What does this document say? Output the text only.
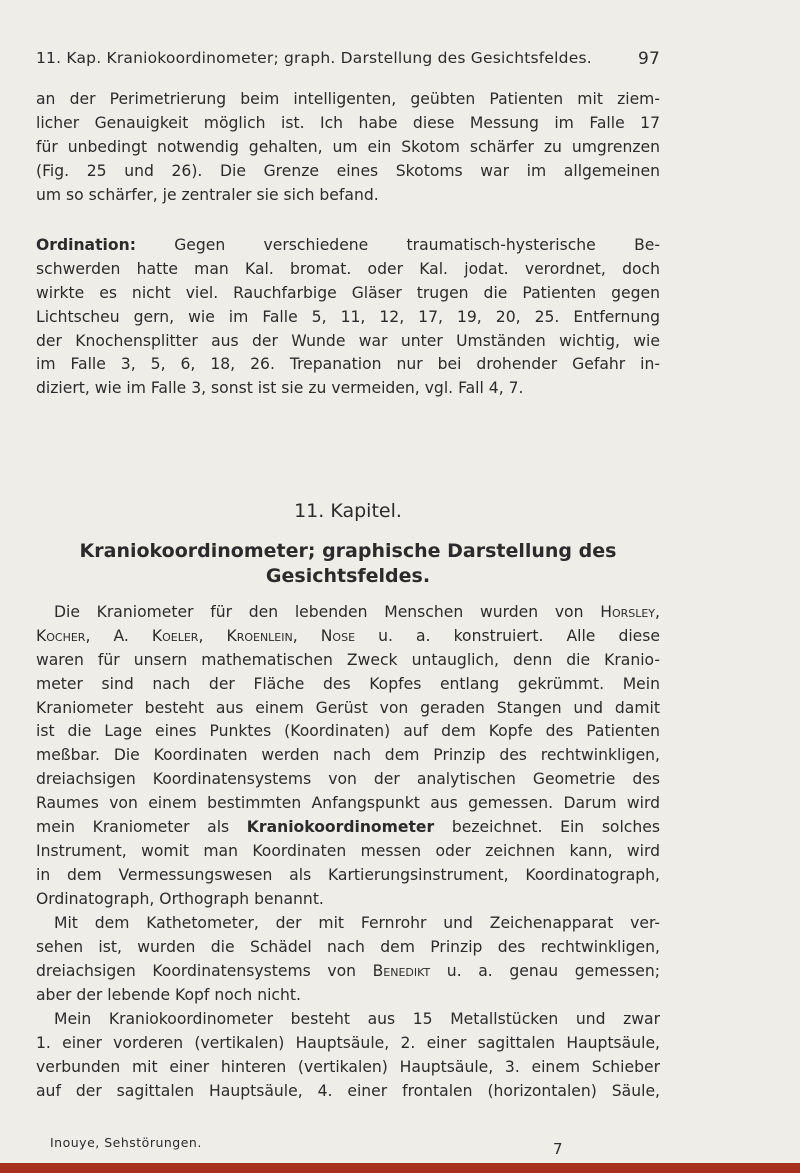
11. Kap. Kraniokoordinometer; graph. Darstellung des Gesichtsfeldes.	97
an der Perimetrierung beim intelligenten, geübten Patienten mit ziem-
licher Genauigkeit möglich ist. Ich habe diese Messung im Falle 17
für unbedingt notwendig gehalten, um ein Skotom schärfer zu umgrenzen
(Fig. 25 und 26). Die Grenze eines Skotoms war im allgemeinen
um so schärfer, je zentraler sie sich befand.
Ordination: Gegen verschiedene traumatisch-hysterische Be-
schwerden hatte man Kal. bromat. oder Kal. jodat. verordnet, doch
wirkte es nicht viel. Rauchfarbige Gläser trugen die Patienten gegen
Lichtscheu gern, wie im Falle 5, 11, 12, 17, 19, 20, 25. Entfernung
der Knochensplitter aus der Wunde war unter Umständen wichtig, wie
im Falle 3, 5, 6, 18, 26. Trepanation nur bei drohender Gefahr in-
diziert, wie im Falle 3, sonst ist sie zu vermeiden, vgl. Fall 4, 7.
11. Kapitel.
Kraniokoordinometer; graphische Darstellung des
Gesichtsfeldes.
Die Kraniometer für den lebenden Menschen wurden von Horsley,
Kocher, A. Koeler, Kroenlein, Nose u. a. konstruiert. Alle diese
waren für unsern mathematischen Zweck untauglich, denn die Kranio-
meter sind nach der Fläche des Kopfes entlang gekrümmt. Mein
Kraniometer besteht aus einem Gerüst von geraden Stangen und damit
ist die Lage eines Punktes (Koordinaten) auf dem Kopfe des Patienten
meßbar. Die Koordinaten werden nach dem Prinzip des rechtwinkligen,
dreiachsigen Koordinatensystems von der analytischen Geometrie des
Raumes von einem bestimmten Anfangspunkt aus gemessen. Darum wird
mein Kraniometer als Kraniokoordinometer bezeichnet. Ein solches
Instrument, womit man Koordinaten messen oder zeichnen kann, wird
in dem Vermessungswesen als Kartierungsinstrument, Koordinatograph,
Ordinatograph, Orthograph benannt.
Mit dem Kathetometer, der mit Fernrohr und Zeichenapparat ver-
sehen ist, wurden die Schädel nach dem Prinzip des rechtwinkligen,
dreiachsigen Koordinatensystems von Benedikt u. a. genau gemessen;
aber der lebende Kopf noch nicht.
Mein Kraniokoordinometer besteht aus 15 Metallstücken und zwar
1. einer vorderen (vertikalen) Hauptsäule, 2. einer sagittalen Hauptsäule,
verbunden mit einer hinteren (vertikalen) Hauptsäule, 3. einem Schieber
auf der sagittalen Hauptsäule, 4. einer frontalen (horizontalen) Säule,
Inouye, Sehstörungen.	7
